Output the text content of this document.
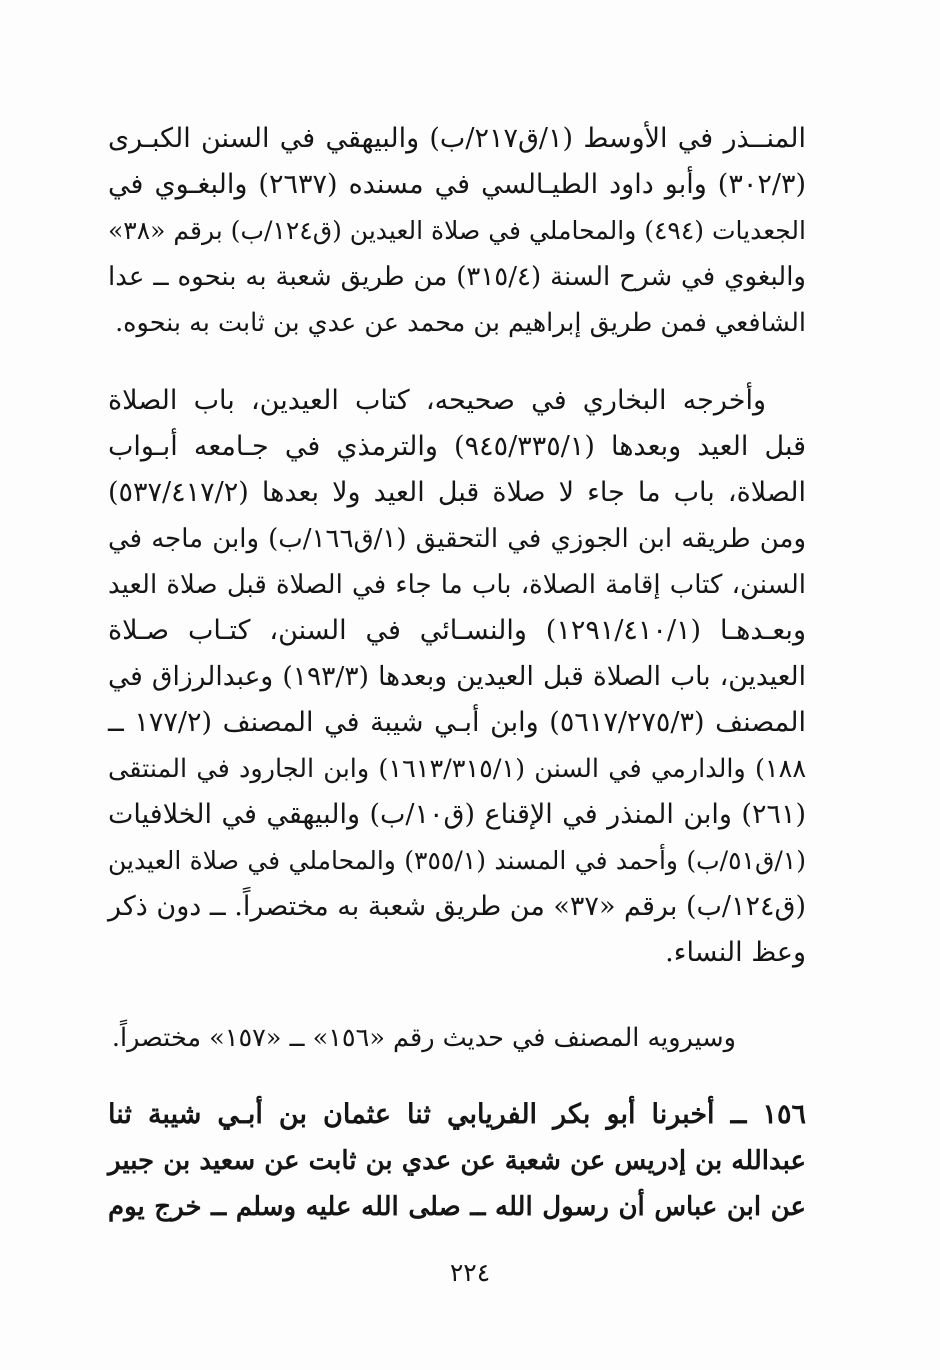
المنــذر في الأوسط (١/ق٢١٧/ب) والبيهقي في السنن الكبـرى
(٣٠٢/٣) وأبو داود الطيـالسي في مسنده (٢٦٣٧) والبغـوي في
الجعديات (٤٩٤) والمحاملي في صلاة العيدين (ق١٢٤/ب) برقم «٣٨»
والبغوي في شرح السنة (٣١٥/٤) من طريق شعبة به بنحوه ــ عدا
الشافعي فمن طريق إبراهيم بن محمد عن عدي بن ثابت به بنحوه.
وأخرجه البخاري في صحيحه، كتاب العيدين، باب الصلاة
قبل العيد وبعدها (٩٤٥/٣٣٥/١) والترمذي في جـامعه أبـواب
الصلاة، باب ما جاء لا صلاة قبل العيد ولا بعدها (٥٣٧/٤١٧/٢)
ومن طريقه ابن الجوزي في التحقيق (١/ق١٦٦/ب) وابن ماجه في
السنن، كتاب إقامة الصلاة، باب ما جاء في الصلاة قبل صلاة العيد
وبعـدهـا (١٢٩١/٤١٠/١) والنسـائي في السنن، كتـاب صـلاة
العيدين، باب الصلاة قبل العيدين وبعدها (١٩٣/٣) وعبدالرزاق في
المصنف (٥٦١٧/٢٧٥/٣) وابن أبـي شيبة في المصنف (١٧٧/٢ ــ
١٨٨) والدارمي في السنن (١٦١٣/٣١٥/١) وابن الجارود في المنتقى
(٢٦١) وابن المنذر في الإقناع (ق١٠/ب) والبيهقي في الخلافيات
(١/ق٥١/ب) وأحمد في المسند (٣٥٥/١) والمحاملي في صلاة العيدين
(ق١٢٤/ب) برقم «٣٧» من طريق شعبة به مختصراً. ــ دون ذكر
وعظ النساء.
وسيرويه المصنف في حديث رقم «١٥٦» ــ «١٥٧» مختصراً.
١٥٦ ــ أخبرنا أبو بكر الفريابي ثنا عثمان بن أبـي شيبة ثنا
عبدالله بن إدريس عن شعبة عن عدي بن ثابت عن سعيد بن جبير
عن ابن عباس أن رسول الله ــ صلى الله عليه وسلم ــ خرج يوم
٢٢٤
